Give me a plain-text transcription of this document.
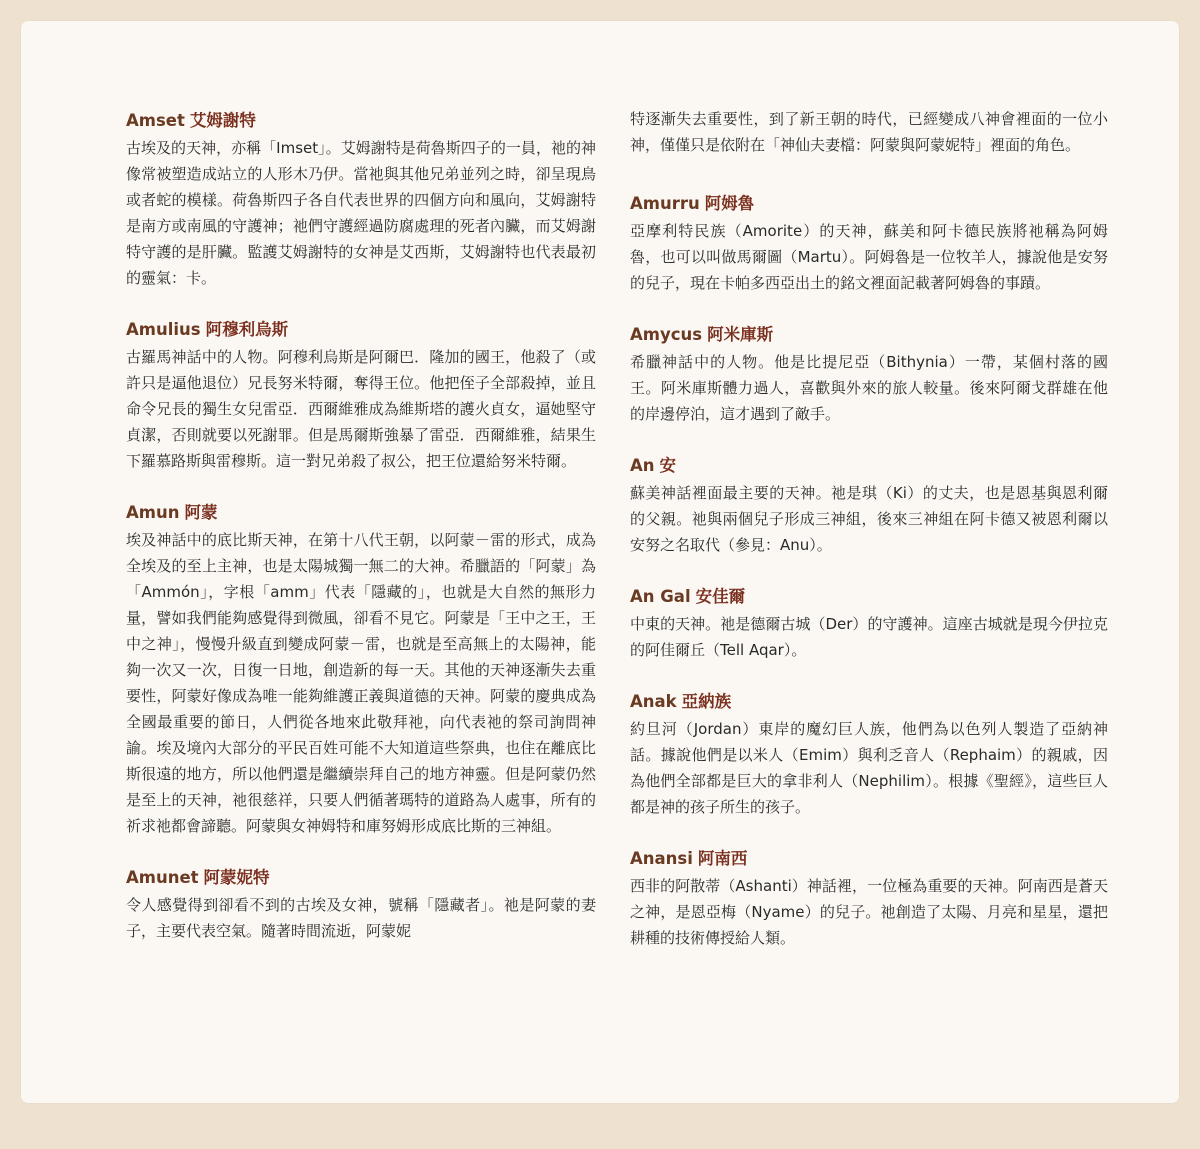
Amset 艾姆謝特

古埃及的天神，亦稱「Imset」。艾姆謝特是荷魯斯四子的一員，祂的神像常被塑造成站立的人形木乃伊。當祂與其他兄弟並列之時，卻呈現鳥或者蛇的模樣。荷魯斯四子各自代表世界的四個方向和風向，艾姆謝特是南方或南風的守護神；祂們守護經過防腐處理的死者內臟，而艾姆謝特守護的是肝臟。監護艾姆謝特的女神是艾西斯，艾姆謝特也代表最初的靈氣：卡。

Amulius 阿穆利烏斯

古羅馬神話中的人物。阿穆利烏斯是阿爾巴．隆加的國王，他殺了（或許只是逼他退位）兄長努米特爾，奪得王位。他把侄子全部殺掉，並且命令兄長的獨生女兒雷亞．西爾維雅成為維斯塔的護火貞女，逼她堅守貞潔，否則就要以死謝罪。但是馬爾斯強暴了雷亞．西爾維雅，結果生下羅慕路斯與雷穆斯。這一對兄弟殺了叔公，把王位還給努米特爾。

Amun 阿蒙

埃及神話中的底比斯天神，在第十八代王朝，以阿蒙－雷的形式，成為全埃及的至上主神，也是太陽城獨一無二的大神。希臘語的「阿蒙」為「Ammón」，字根「amm」代表「隱藏的」，也就是大自然的無形力量，譬如我們能夠感覺得到微風，卻看不見它。阿蒙是「王中之王，王中之神」，慢慢升級直到變成阿蒙－雷，也就是至高無上的太陽神，能夠一次又一次，日復一日地，創造新的每一天。其他的天神逐漸失去重要性，阿蒙好像成為唯一能夠維護正義與道德的天神。阿蒙的慶典成為全國最重要的節日，人們從各地來此敬拜祂，向代表祂的祭司詢問神諭。埃及境內大部分的平民百姓可能不大知道這些祭典，也住在離底比斯很遠的地方，所以他們還是繼續崇拜自己的地方神靈。但是阿蒙仍然是至上的天神，祂很慈祥，只要人們循著瑪特的道路為人處事，所有的祈求祂都會諦聽。阿蒙與女神姆特和庫努姆形成底比斯的三神組。

Amunet 阿蒙妮特

令人感覺得到卻看不到的古埃及女神，號稱「隱藏者」。祂是阿蒙的妻子，主要代表空氣。隨著時間流逝，阿蒙妮

特逐漸失去重要性，到了新王朝的時代，已經變成八神會裡面的一位小神，僅僅只是依附在「神仙夫妻檔：阿蒙與阿蒙妮特」裡面的角色。

Amurru 阿姆魯

亞摩利特民族（Amorite）的天神，蘇美和阿卡德民族將祂稱為阿姆魯，也可以叫做馬爾圖（Martu）。阿姆魯是一位牧羊人，據說他是安努的兒子，現在卡帕多西亞出土的銘文裡面記載著阿姆魯的事蹟。

Amycus 阿米庫斯

希臘神話中的人物。他是比提尼亞（Bithynia）一帶，某個村落的國王。阿米庫斯體力過人，喜歡與外來的旅人較量。後來阿爾戈群雄在他的岸邊停泊，這才遇到了敵手。

An 安

蘇美神話裡面最主要的天神。祂是琪（Ki）的丈夫，也是恩基與恩利爾的父親。祂與兩個兒子形成三神組，後來三神組在阿卡德又被恩利爾以安努之名取代（參見：Anu）。

An Gal 安佳爾

中東的天神。祂是德爾古城（Der）的守護神。這座古城就是現今伊拉克的阿佳爾丘（Tell Aqar）。

Anak 亞納族

約旦河（Jordan）東岸的魔幻巨人族，他們為以色列人製造了亞納神話。據說他們是以米人（Emim）與利乏音人（Rephaim）的親戚，因為他們全部都是巨大的拿非利人（Nephilim）。根據《聖經》，這些巨人都是神的孩子所生的孩子。

Anansi 阿南西

西非的阿散蒂（Ashanti）神話裡，一位極為重要的天神。阿南西是蒼天之神，是恩亞梅（Nyame）的兒子。祂創造了太陽、月亮和星星，還把耕種的技術傳授給人類。
